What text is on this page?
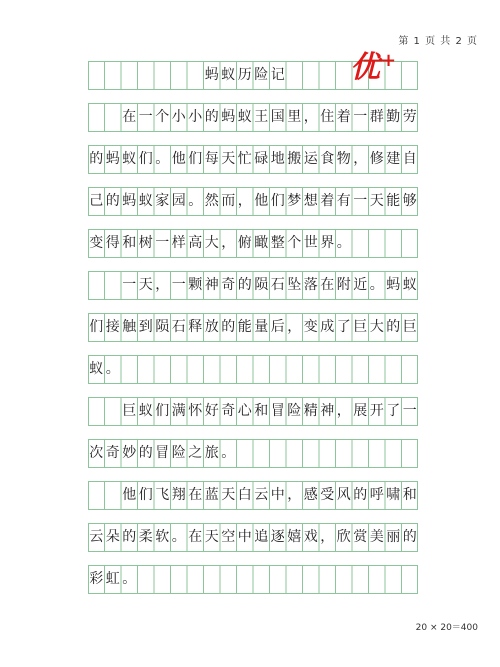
第 1 页 共 2 页
蚂 蚁 历 险 记
在 一 个 小 小 的 蚂 蚁 王 国 里 ， 住 着 一 群 勤 劳
的 蚂 蚁 们 。 他 们 每 天 忙 碌 地 搬 运 食 物 ， 修 建 自
己 的 蚂 蚁 家 园 。 然 而 ， 他 们 梦 想 着 有 一 天 能 够
变 得 和 树 一 样 高 大 ， 俯 瞰 整 个 世 界 。
一 天 ， 一 颗 神 奇 的 陨 石 坠 落 在 附 近 。 蚂 蚁
们 接 触 到 陨 石 释 放 的 能 量 后 ， 变 成 了 巨 大 的 巨
蚁 。
巨 蚁 们 满 怀 好 奇 心 和 冒 险 精 神 ， 展 开 了 一
次 奇 妙 的 冒 险 之 旅 。
他 们 飞 翔 在 蓝 天 白 云 中 ， 感 受 风 的 呼 啸 和
云 朵 的 柔 软 。 在 天 空 中 追 逐 嬉 戏 ， 欣 赏 美 丽 的
彩 虹 。
优+
20 × 20＝400
